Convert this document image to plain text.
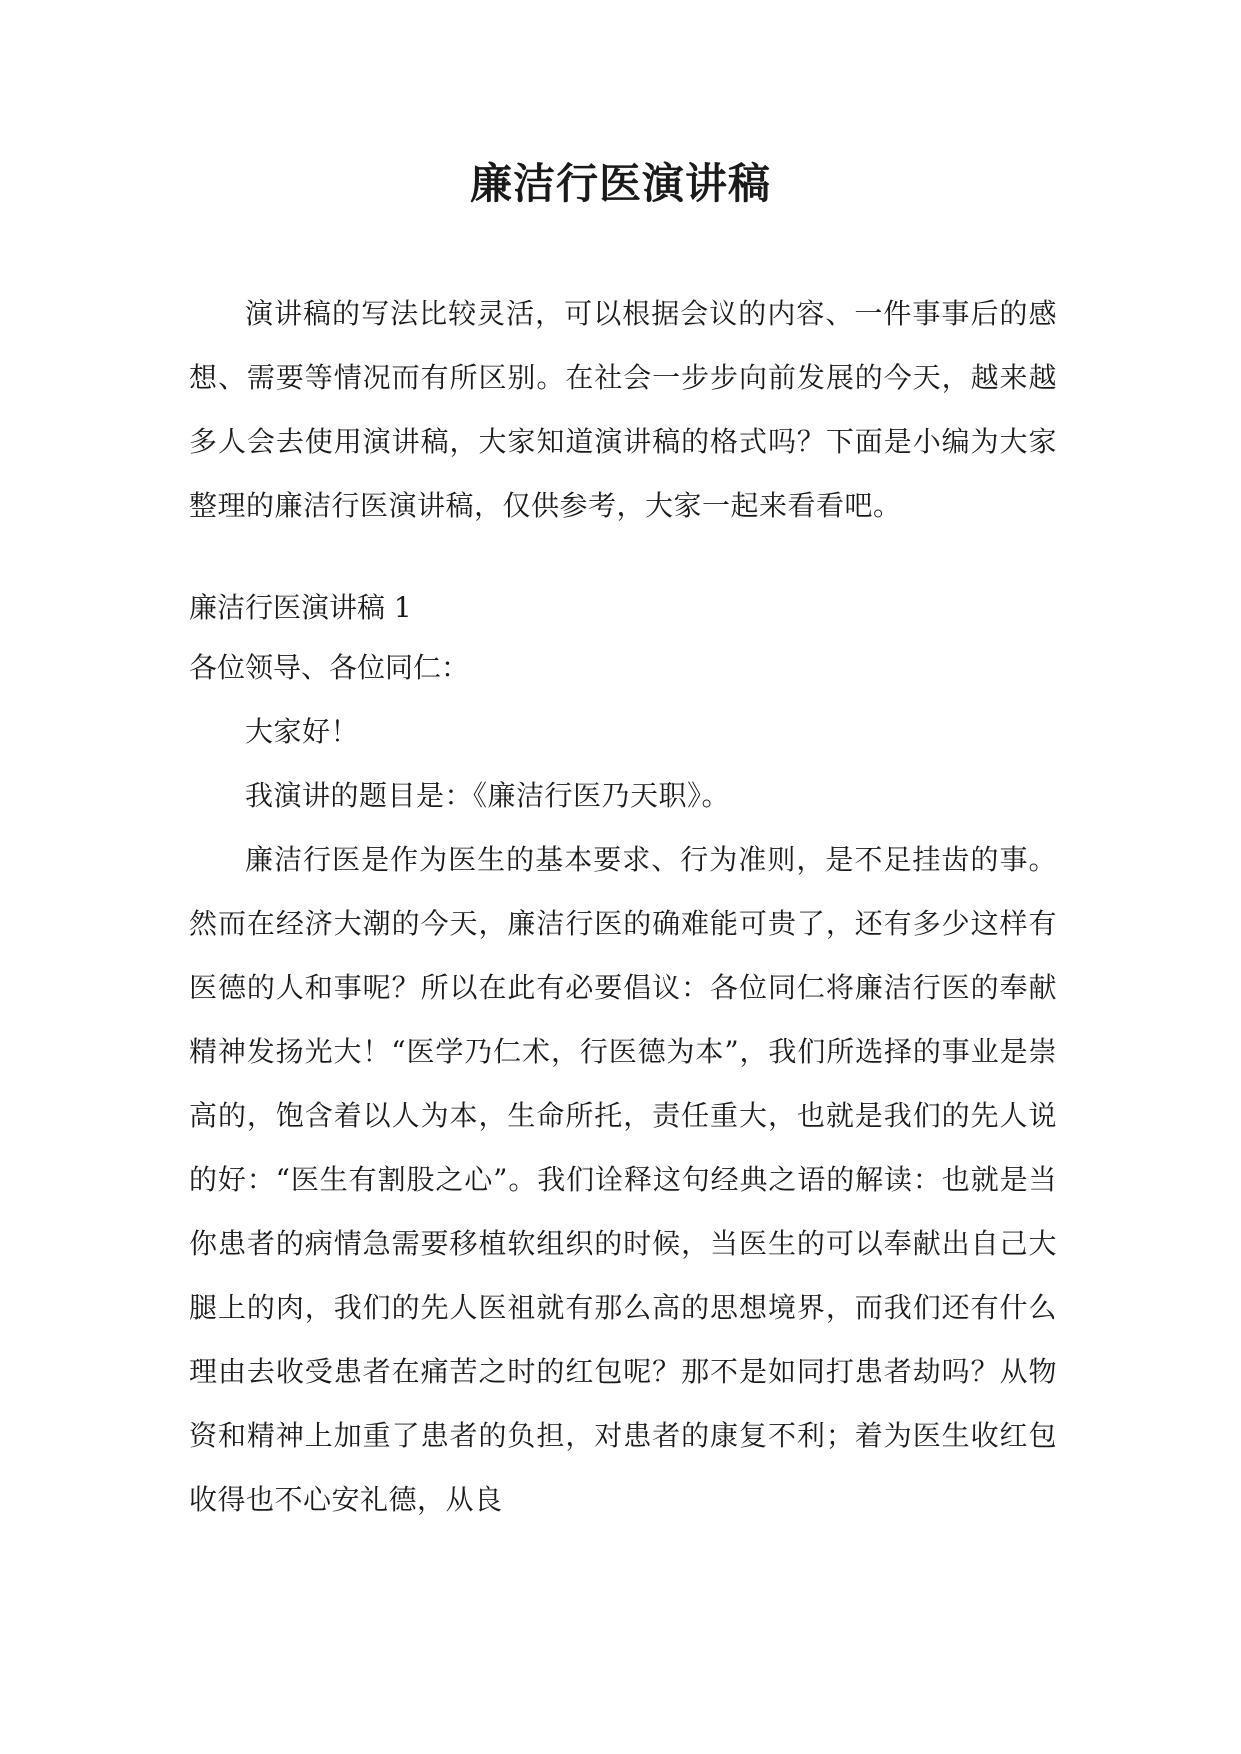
廉洁行医演讲稿

演讲稿的写法比较灵活，可以根据会议的内容、一件事事后的感想、需要等情况而有所区别。在社会一步步向前发展的今天，越来越多人会去使用演讲稿，大家知道演讲稿的格式吗？下面是小编为大家整理的廉洁行医演讲稿，仅供参考，大家一起来看看吧。

廉洁行医演讲稿 1

各位领导、各位同仁：

大家好！

我演讲的题目是：《廉洁行医乃天职》。

廉洁行医是作为医生的基本要求、行为准则，是不足挂齿的事。然而在经济大潮的今天，廉洁行医的确难能可贵了，还有多少这样有医德的人和事呢？所以在此有必要倡议：各位同仁将廉洁行医的奉献精神发扬光大！“医学乃仁术，行医德为本”，我们所选择的事业是崇高的，饱含着以人为本，生命所托，责任重大，也就是我们的先人说的好：“医生有割股之心”。我们诠释这句经典之语的解读：也就是当你患者的病情急需要移植软组织的时候，当医生的可以奉献出自己大腿上的肉，我们的先人医祖就有那么高的思想境界，而我们还有什么理由去收受患者在痛苦之时的红包呢？那不是如同打患者劫吗？从物资和精神上加重了患者的负担，对患者的康复不利；着为医生收红包收得也不心安礼德，从良
